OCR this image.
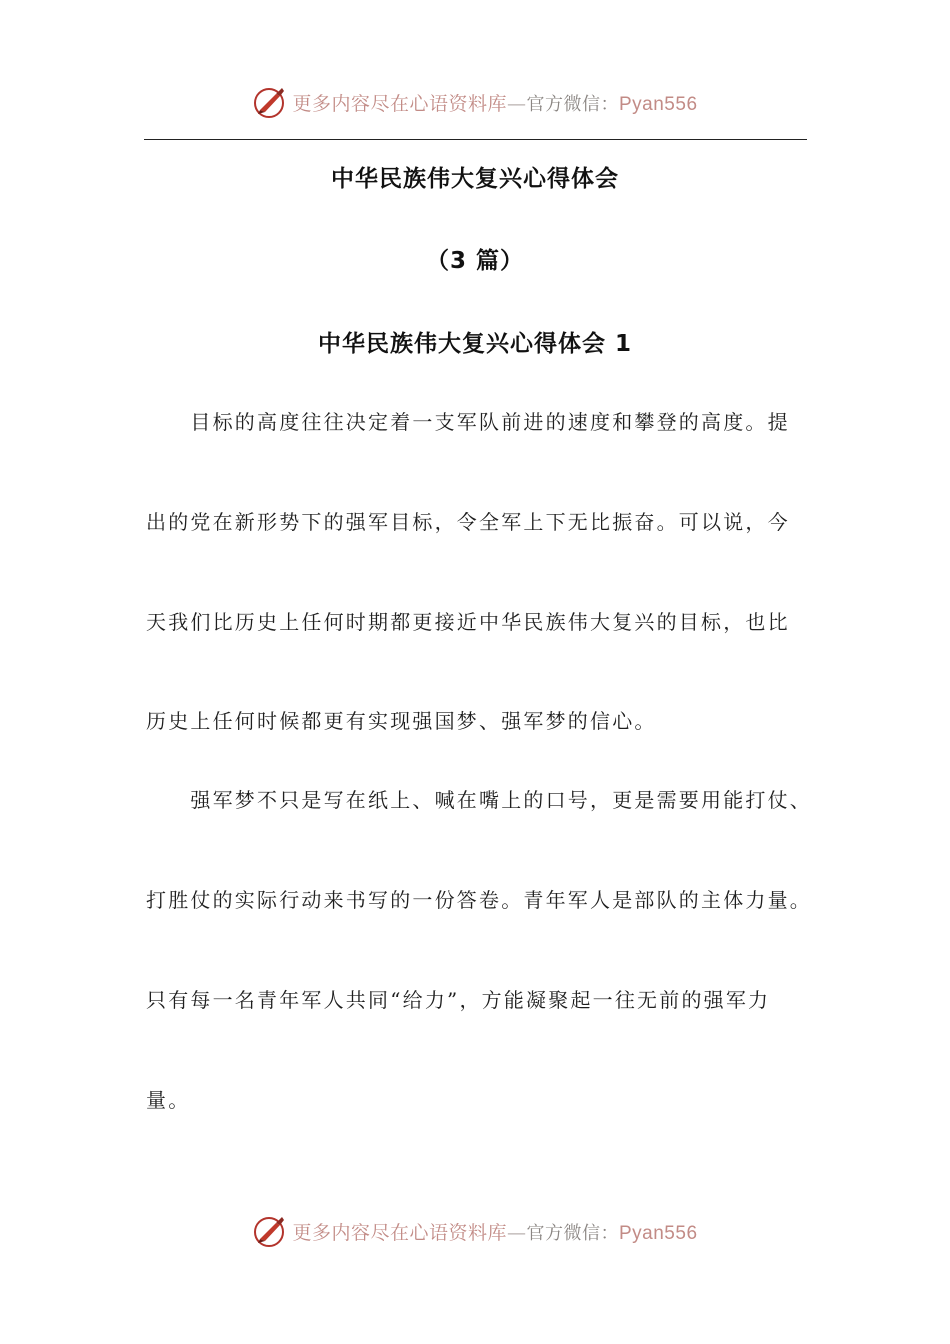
更多内容尽在心语资料库—官方微信：Pyan556
中华民族伟大复兴心得体会
（3 篇）
中华民族伟大复兴心得体会 1
　　目标的高度往往决定着一支军队前进的速度和攀登的高度。提
出的党在新形势下的强军目标，令全军上下无比振奋。可以说，今
天我们比历史上任何时期都更接近中华民族伟大复兴的目标，也比
历史上任何时候都更有实现强国梦、强军梦的信心。
　　强军梦不只是写在纸上、喊在嘴上的口号，更是需要用能打仗、
打胜仗的实际行动来书写的一份答卷。青年军人是部队的主体力量。
只有每一名青年军人共同“给力”，方能凝聚起一往无前的强军力
量。
更多内容尽在心语资料库—官方微信：Pyan556
